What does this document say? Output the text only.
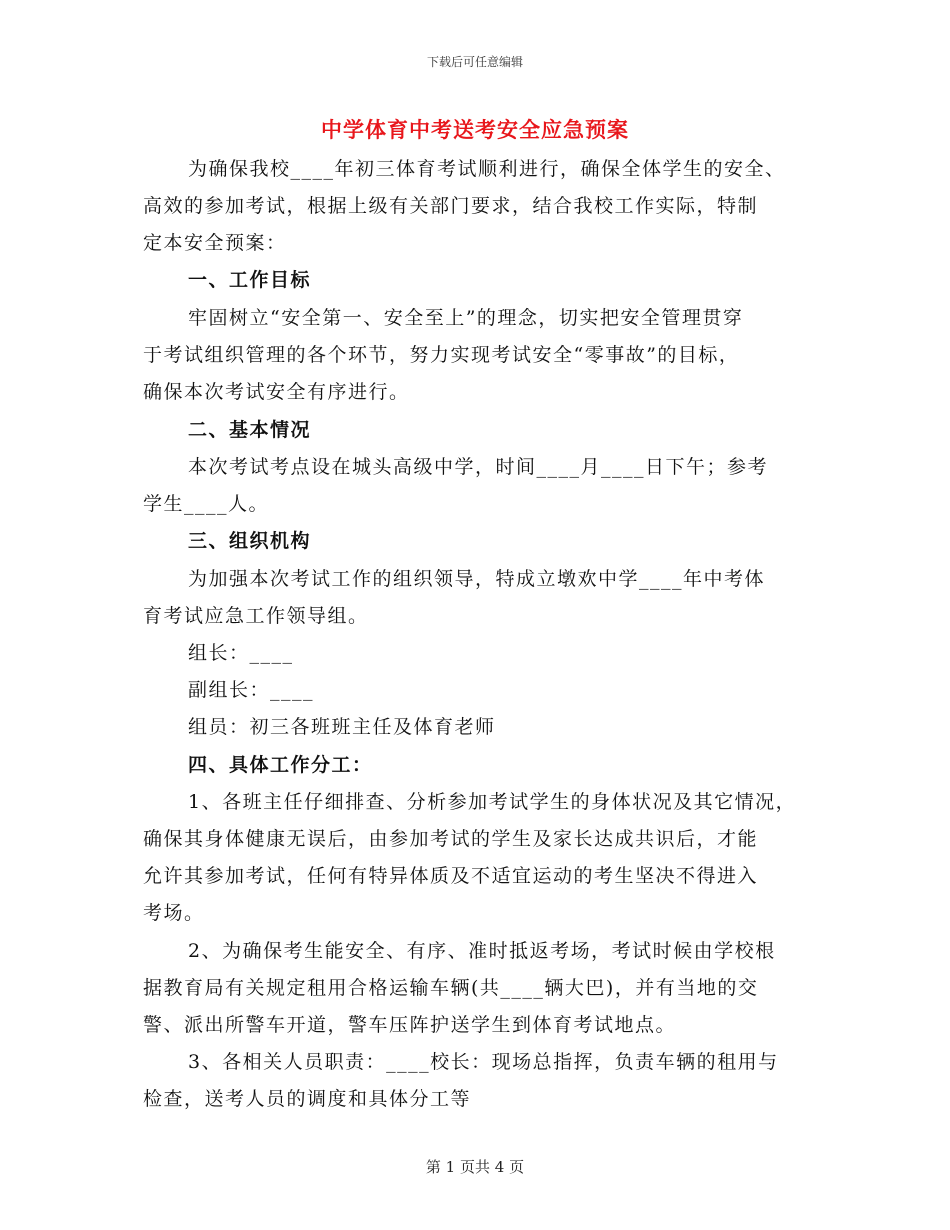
下载后可任意编辑
中学体育中考送考安全应急预案
为确保我校____年初三体育考试顺利进行，确保全体学生的安全、
高效的参加考试，根据上级有关部门要求，结合我校工作实际，特制
定本安全预案：
一、工作目标
牢固树立“安全第一、安全至上”的理念，切实把安全管理贯穿
于考试组织管理的各个环节，努力实现考试安全“零事故”的目标，
确保本次考试安全有序进行。
二、基本情况
本次考试考点设在城头高级中学，时间____月____日下午；参考
学生____人。
三、组织机构
为加强本次考试工作的组织领导，特成立墩欢中学____年中考体
育考试应急工作领导组。
组长：____
副组长：____
组员：初三各班班主任及体育老师
四、具体工作分工：
1、各班主任仔细排查、分析参加考试学生的身体状况及其它情况，
确保其身体健康无误后，由参加考试的学生及家长达成共识后，才能
允许其参加考试，任何有特异体质及不适宜运动的考生坚决不得进入
考场。
2、为确保考生能安全、有序、准时抵返考场，考试时候由学校根
据教育局有关规定租用合格运输车辆(共____辆大巴)，并有当地的交
警、派出所警车开道，警车压阵护送学生到体育考试地点。
3、各相关人员职责：____校长：现场总指挥，负责车辆的租用与
检查，送考人员的调度和具体分工等
第 1 页共 4 页
